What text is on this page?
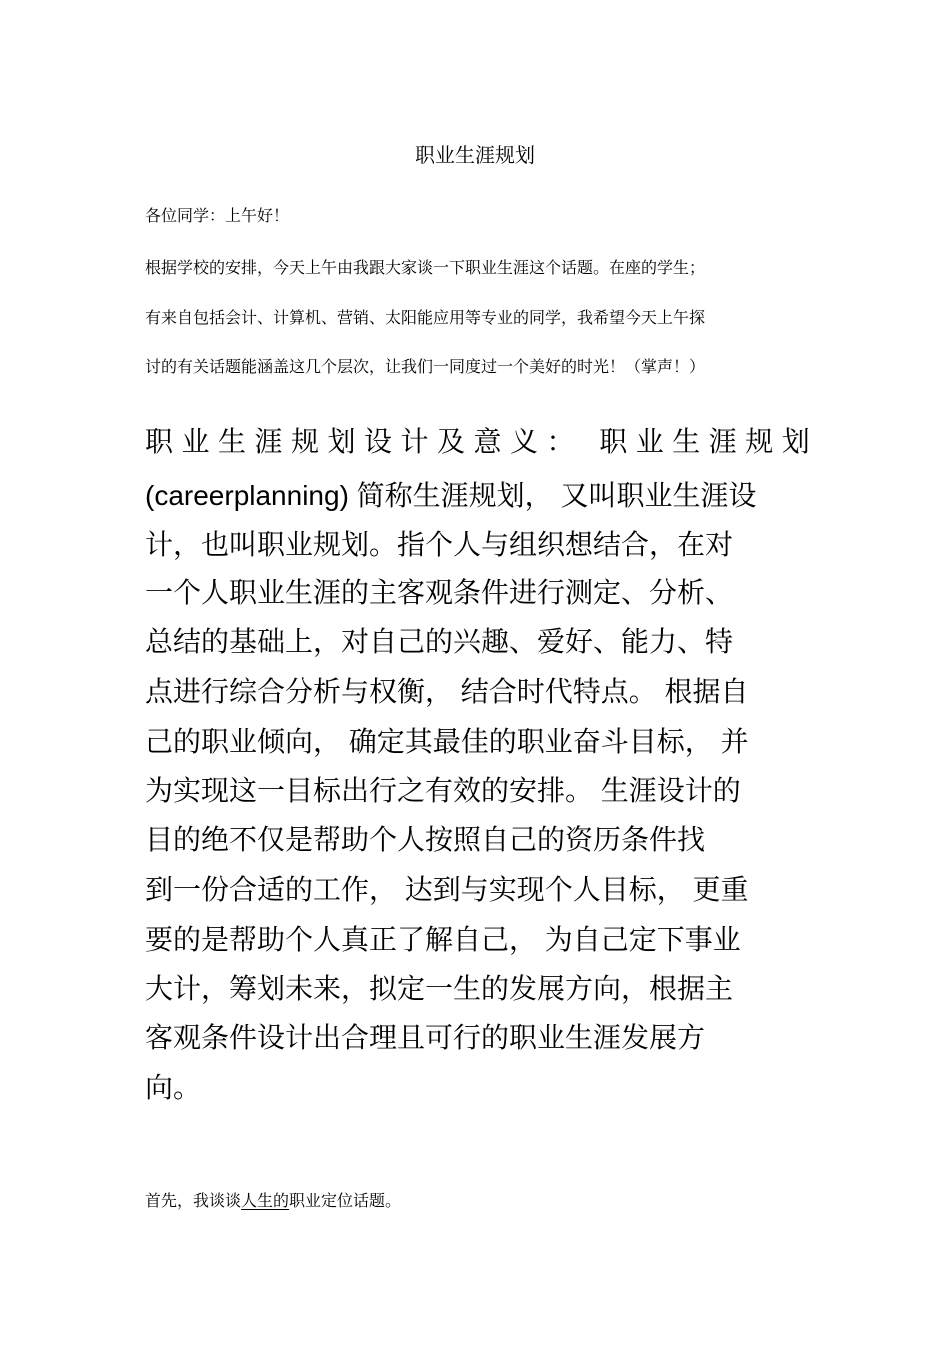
职业生涯规划
各位同学：上午好！
根据学校的安排，今天上午由我跟大家谈一下职业生涯这个话题。在座的学生；
有来自包括会计、计算机、营销、太阳能应用等专业的同学，我希望今天上午探
讨的有关话题能涵盖这几个层次，让我们一同度过一个美好的时光！（掌声！）
职业生涯规划设计及意义： 职业生涯规划
(careerplanning) 简称生涯规划， 又叫职业生涯设
计，也叫职业规划。指个人与组织想结合，在对
一个人职业生涯的主客观条件进行测定、分析、
总结的基础上，对自己的兴趣、爱好、能力、特
点进行综合分析与权衡， 结合时代特点。 根据自
己的职业倾向， 确定其最佳的职业奋斗目标， 并
为实现这一目标出行之有效的安排。 生涯设计的
目的绝不仅是帮助个人按照自己的资历条件找
到一份合适的工作， 达到与实现个人目标， 更重
要的是帮助个人真正了解自己， 为自己定下事业
大计，筹划未来，拟定一生的发展方向，根据主
客观条件设计出合理且可行的职业生涯发展方
向。
首先，我谈谈人生的职业定位话题。
